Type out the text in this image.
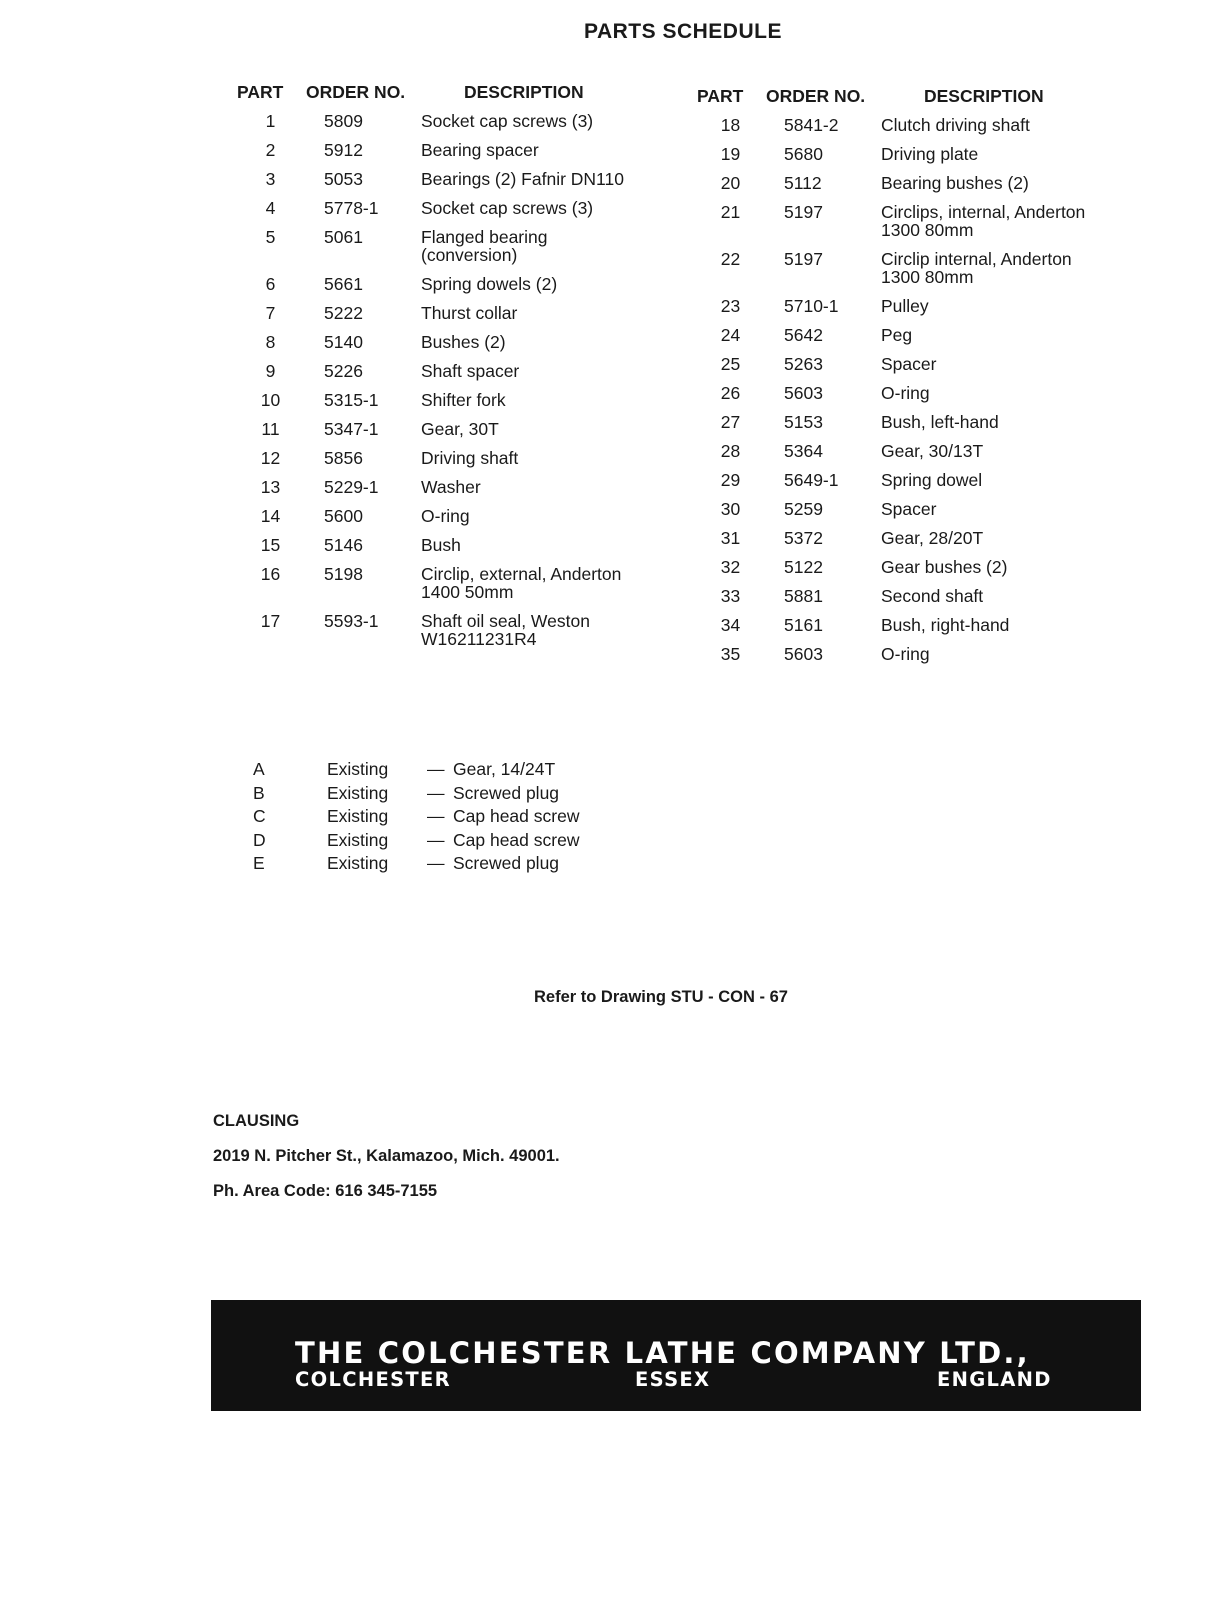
PARTS SCHEDULE
PART	ORDER NO.	DESCRIPTION
1	5809	Socket cap screws (3)
2	5912	Bearing spacer
3	5053	Bearings (2) Fafnir DN110
4	5778-1	Socket cap screws (3)
5	5061	Flanged bearing
(conversion)
6	5661	Spring dowels (2)
7	5222	Thurst collar
8	5140	Bushes (2)
9	5226	Shaft spacer
10	5315-1	Shifter fork
11	5347-1	Gear, 30T
12	5856	Driving shaft
13	5229-1	Washer
14	5600	O-ring
15	5146	Bush
16	5198	Circlip, external, Anderton
1400 50mm
17	5593-1	Shaft oil seal, Weston
W16211231R4
PART	ORDER NO.	DESCRIPTION
18	5841-2	Clutch driving shaft
19	5680	Driving plate
20	5112	Bearing bushes (2)
21	5197	Circlips, internal, Anderton
1300 80mm
22	5197	Circlip internal, Anderton
1300 80mm
23	5710-1	Pulley
24	5642	Peg
25	5263	Spacer
26	5603	O-ring
27	5153	Bush, left-hand
28	5364	Gear, 30/13T
29	5649-1	Spring dowel
30	5259	Spacer
31	5372	Gear, 28/20T
32	5122	Gear bushes (2)
33	5881	Second shaft
34	5161	Bush, right-hand
35	5603	O-ring
A	Existing	— Gear, 14/24T
B	Existing	— Screwed plug
C	Existing	— Cap head screw
D	Existing	— Cap head screw
E	Existing	— Screwed plug
Refer to Drawing STU - CON - 67
CLAUSING
2019 N. Pitcher St., Kalamazoo, Mich. 49001.
Ph. Area Code: 616 345-7155
THE COLCHESTER LATHE COMPANY LTD.,
COLCHESTER	ESSEX	ENGLAND
